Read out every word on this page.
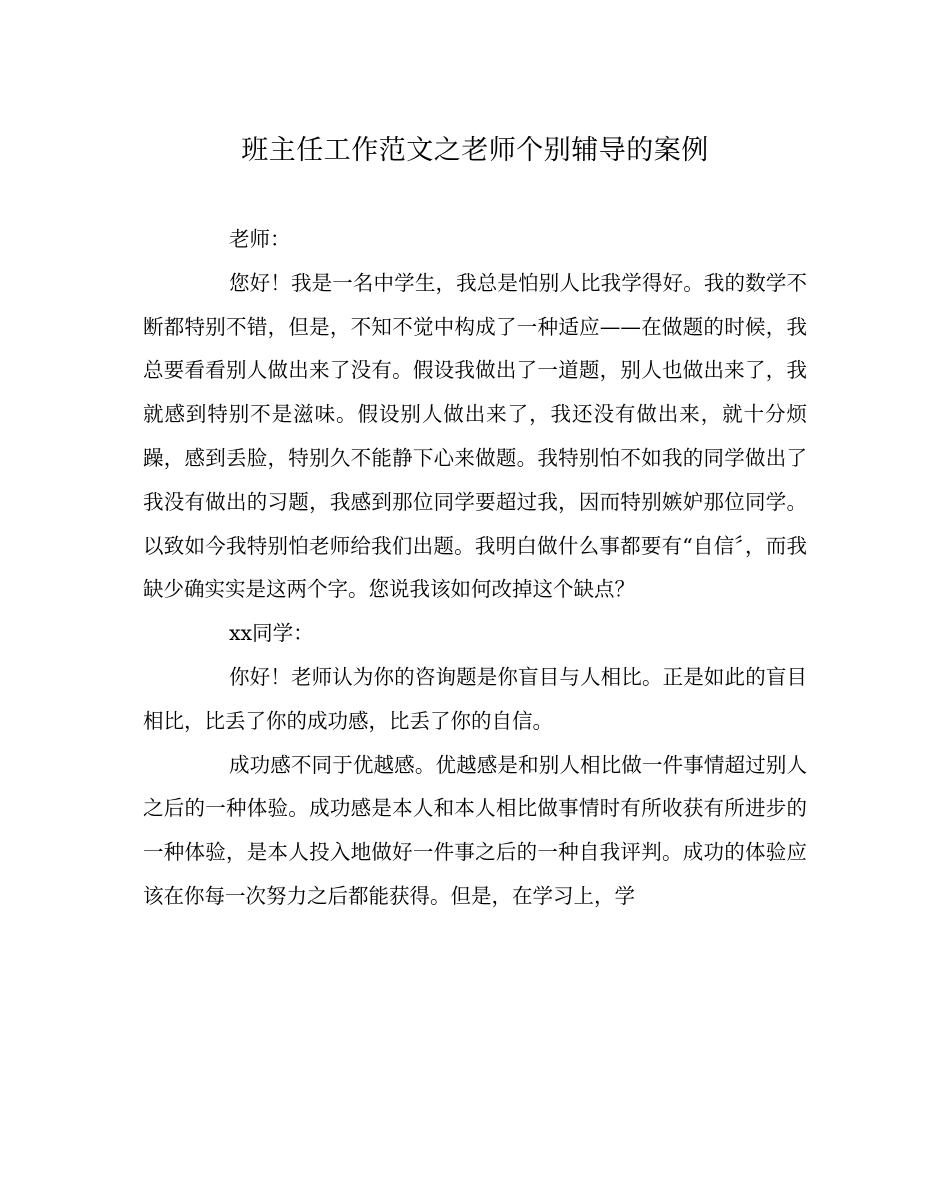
班主任工作范文之老师个别辅导的案例

老师：

您好！我是一名中学生，我总是怕别人比我学得好。我的数学不断都特别不错，但是，不知不觉中构成了一种适应——在做题的时候，我总要看看别人做出来了没有。假设我做出了一道题，别人也做出来了，我就感到特别不是滋味。假设别人做出来了，我还没有做出来，就十分烦躁，感到丢脸，特别久不能静下心来做题。我特别怕不如我的同学做出了我没有做出的习题，我感到那位同学要超过我，因而特别嫉妒那位同学。以致如今我特别怕老师给我们出题。我明白做什么事都要有“自信〞，而我缺少确实实是这两个字。您说我该如何改掉这个缺点？

xx同学：

你好！老师认为你的咨询题是你盲目与人相比。正是如此的盲目相比，比丢了你的成功感，比丢了你的自信。

成功感不同于优越感。优越感是和别人相比做一件事情超过别人之后的一种体验。成功感是本人和本人相比做事情时有所收获有所进步的一种体验，是本人投入地做好一件事之后的一种自我评判。成功的体验应该在你每一次努力之后都能获得。但是，在学习上，学
